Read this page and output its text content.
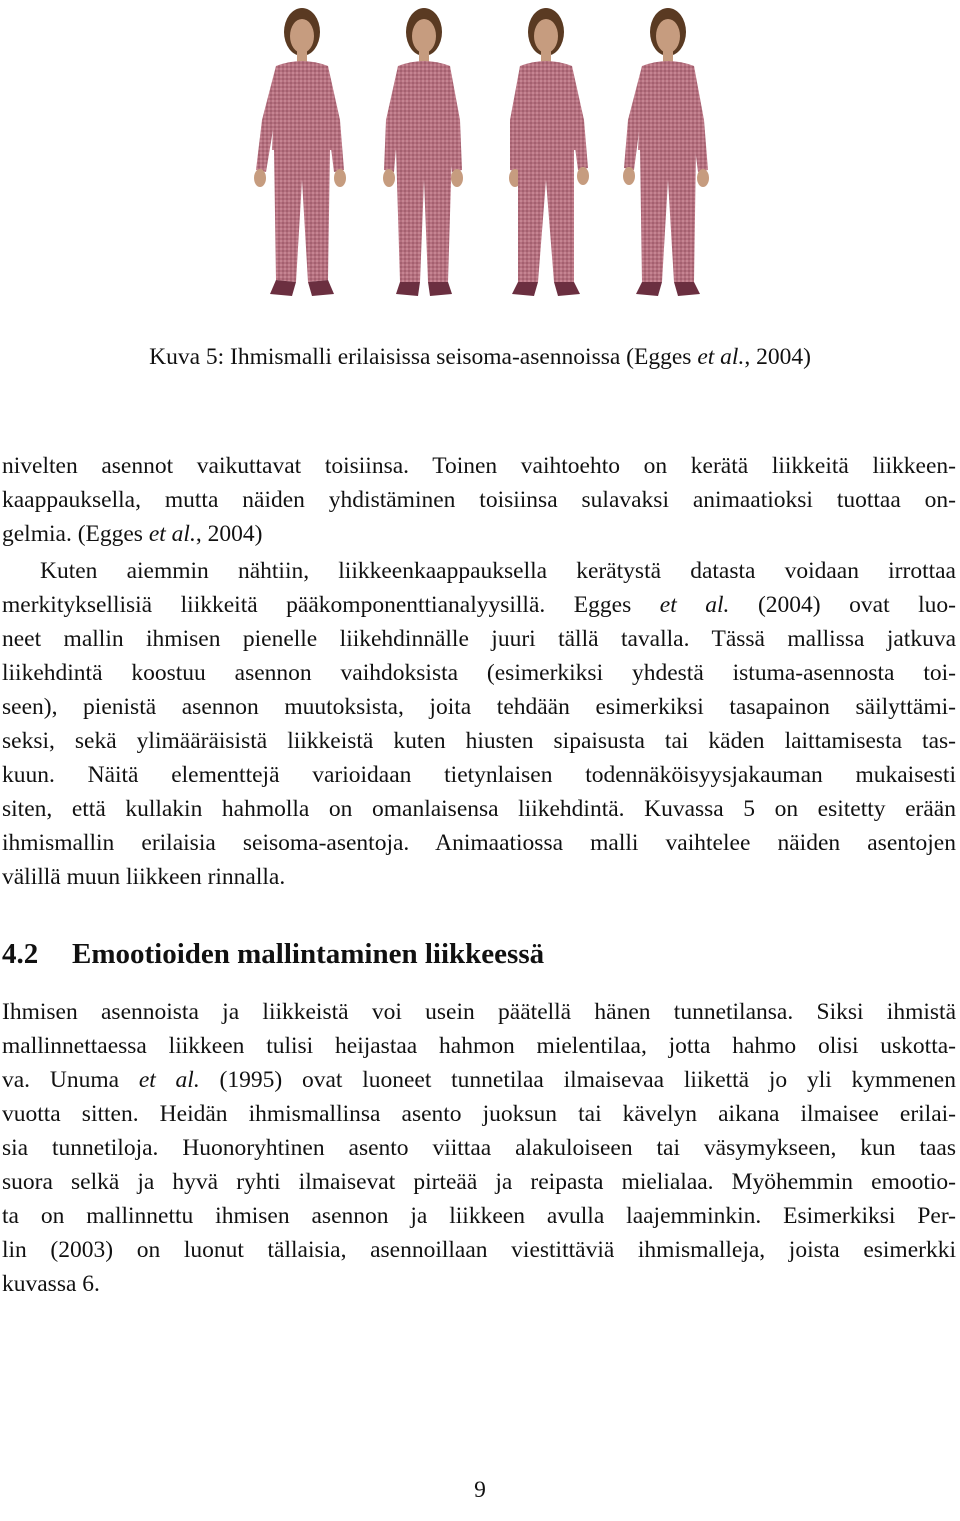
Kuva 5: Ihmismalli erilaisissa seisoma-asennoissa (Egges et al., 2004)
nivelten asennot vaikuttavat toisiinsa. Toinen vaihtoehto on kerätä liikkeitä liikkeen-
kaappauksella, mutta näiden yhdistäminen toisiinsa sulavaksi animaatioksi tuottaa on-
gelmia. (Egges et al., 2004)
Kuten aiemmin nähtiin, liikkeenkaappauksella kerätystä datasta voidaan irrottaa
merkityksellisiä liikkeitä pääkomponenttianalyysillä. Egges et al. (2004) ovat luo-
neet mallin ihmisen pienelle liikehdinnälle juuri tällä tavalla. Tässä mallissa jatkuva
liikehdintä koostuu asennon vaihdoksista (esimerkiksi yhdestä istuma-asennosta toi-
seen), pienistä asennon muutoksista, joita tehdään esimerkiksi tasapainon säilyttämi-
seksi, sekä ylimääräisistä liikkeistä kuten hiusten sipaisusta tai käden laittamisesta tas-
kuun. Näitä elementtejä varioidaan tietynlaisen todennäköisyysjakauman mukaisesti
siten, että kullakin hahmolla on omanlaisensa liikehdintä. Kuvassa 5 on esitetty erään
ihmismallin erilaisia seisoma-asentoja. Animaatiossa malli vaihtelee näiden asentojen
välillä muun liikkeen rinnalla.
4.2 Emootioiden mallintaminen liikkeessä
Ihmisen asennoista ja liikkeistä voi usein päätellä hänen tunnetilansa. Siksi ihmistä
mallinnettaessa liikkeen tulisi heijastaa hahmon mielentilaa, jotta hahmo olisi uskotta-
va. Unuma et al. (1995) ovat luoneet tunnetilaa ilmaisevaa liikettä jo yli kymmenen
vuotta sitten. Heidän ihmismallinsa asento juoksun tai kävelyn aikana ilmaisee erilai-
sia tunnetiloja. Huonoryhtinen asento viittaa alakuloiseen tai väsymykseen, kun taas
suora selkä ja hyvä ryhti ilmaisevat pirteää ja reipasta mielialaa. Myöhemmin emootio-
ta on mallinnettu ihmisen asennon ja liikkeen avulla laajemminkin. Esimerkiksi Per-
lin (2003) on luonut tällaisia, asennoillaan viestittäviä ihmismalleja, joista esimerkki
kuvassa 6.
9
